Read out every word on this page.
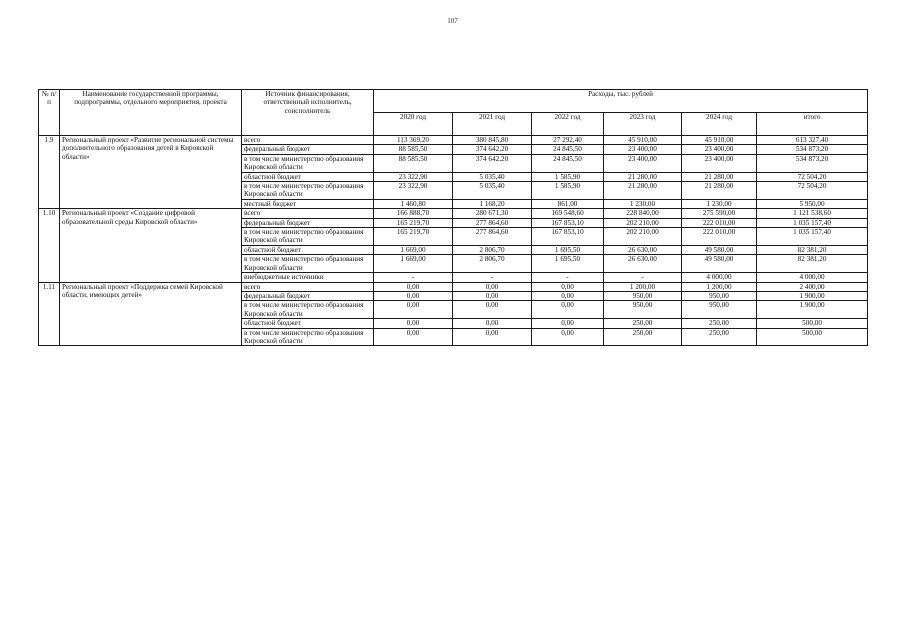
107
№ п/п	Наименование государственной программы, подпрограммы, отдельного мероприятия, проекта	Источник финансирования, ответственный исполнитель, соисполнитель	Расходы, тыс. рублей					
			2020 год	2021 год	2022 год	2023 год	2024 год	итого
1.9	Региональный проект «Развитие региональной системы дополнительного образования детей в Кировской области»	всего	113 369,20	380 845,80	27 292,40	45 910,00	45 910,00	613 327,40
		федеральный бюджет	88 585,50	374 642,20	24 845,50	23 400,00	23 400,00	534 873,20
		в том числе министерство образования Кировской области	88 585,50	374 642,20	24 845,50	23 400,00	23 400,00	534 873,20
		областной бюджет	23 322,90	5 035,40	1 585,90	21 280,00	21 280,00	72 504,20
		в том числе министерство образования Кировской области	23 322,90	5 035,40	1 585,90	21 280,00	21 280,00	72 504,20
		местный бюджет	1 460,80	1 168,20	861,00	1 230,00	1 230,00	5 950,00
1.10	Региональный проект «Создание цифровой образовательной среды Кировской области»	всего	166 888,70	280 671,30	169 548,60	228 840,00	275 590,00	1 121 538,60
		федеральный бюджет	165 219,70	277 864,60	167 853,10	202 210,00	222 010,00	1 035 157,40
		в том числе министерство образования Кировской области	165 219,70	277 864,60	167 853,10	202 210,00	222 010,00	1 035 157,40
		областной бюджет	1 669,00	2 806,70	1 695,50	26 630,00	49 580,00	82 381,20
		в том числе министерство образования Кировской области	1 669,00	2 806,70	1 695,50	26 630,00	49 580,00	82 381,20
		внебюджетные источники	-	-	-	-	4 000,00	4 000,00
1.11	Региональный проект «Поддержка семей Кировской области, имеющих детей»	всего	0,00	0,00	0,00	1 200,00	1 200,00	2 400,00
		федеральный бюджет	0,00	0,00	0,00	950,00	950,00	1 900,00
		в том числе министерство образования Кировской области	0,00	0,00	0,00	950,00	950,00	1 900,00
		областной бюджет	0,00	0,00	0,00	250,00	250,00	500,00
		в том числе министерство образования Кировской области	0,00	0,00	0,00	250,00	250,00	500,00
